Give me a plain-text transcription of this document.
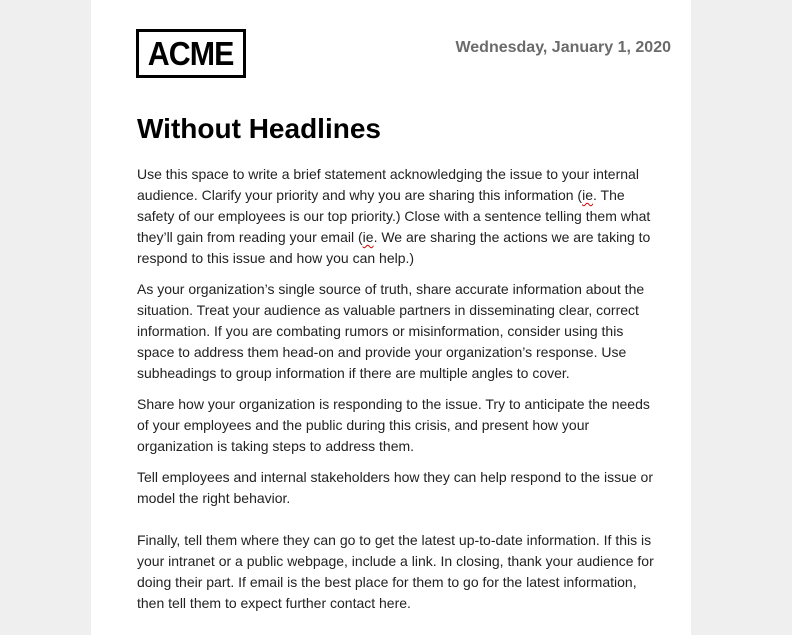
ACME	Wednesday, January 1, 2020
Without Headlines

Use this space to write a brief statement acknowledging the issue to your internal audience. Clarify your priority and why you are sharing this information (ie. The safety of our employees is our top priority.) Close with a sentence telling them what they’ll gain from reading your email (ie. We are sharing the actions we are taking to respond to this issue and how you can help.)

As your organization’s single source of truth, share accurate information about the situation. Treat your audience as valuable partners in disseminating clear, correct information. If you are combating rumors or misinformation, consider using this space to address them head-on and provide your organization’s response. Use subheadings to group information if there are multiple angles to cover.

Share how your organization is responding to the issue. Try to anticipate the needs of your employees and the public during this crisis, and present how your organization is taking steps to address them.

Tell employees and internal stakeholders how they can help respond to the issue or model the right behavior.

Finally, tell them where they can go to get the latest up-to-date information. If this is your intranet or a public webpage, include a link. In closing, thank your audience for doing their part. If email is the best place for them to go for the latest information, then tell them to expect further contact here.
